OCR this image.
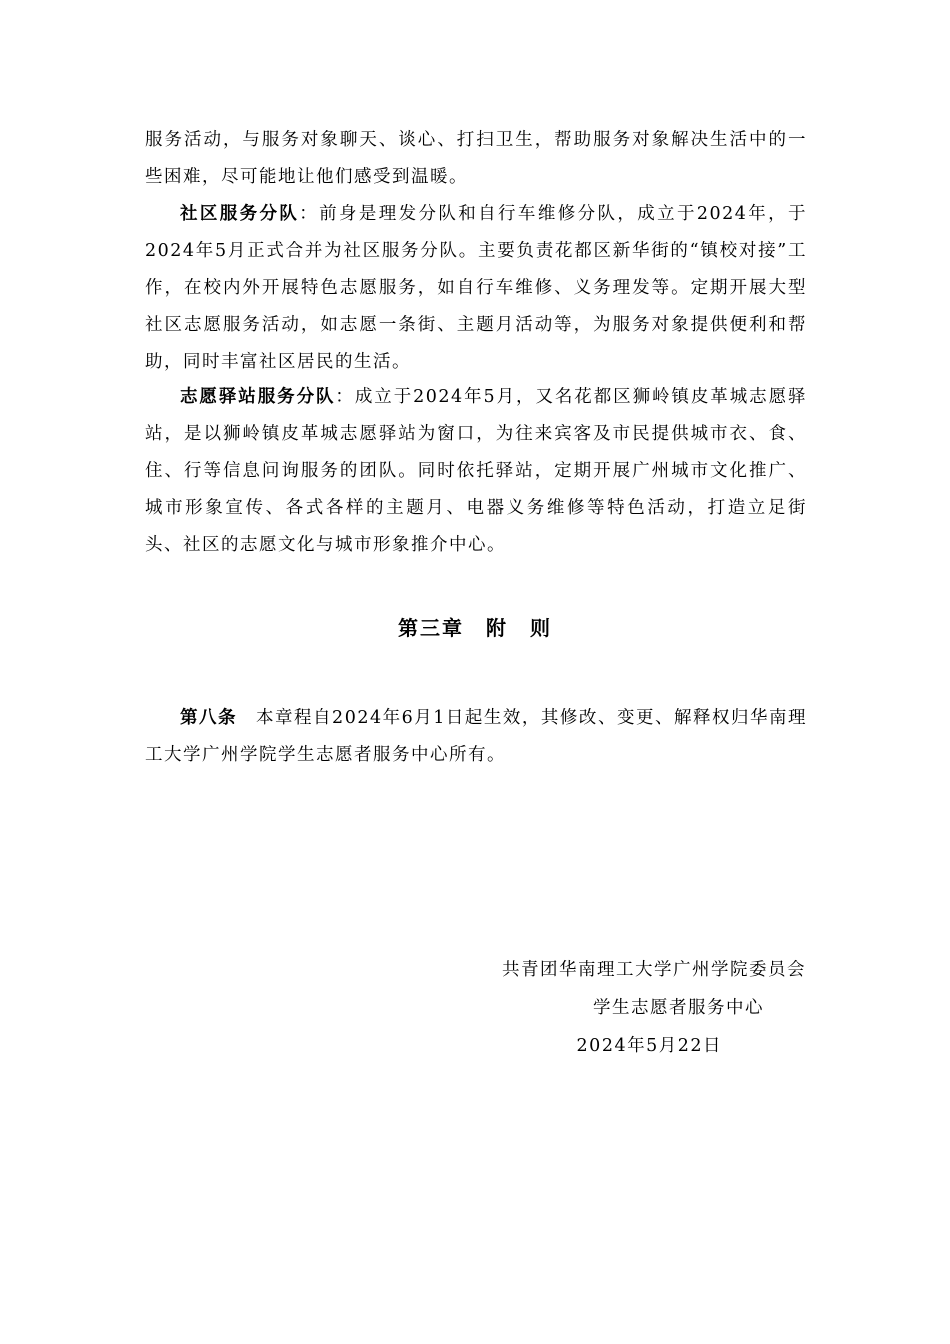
服务活动，与服务对象聊天、谈心、打扫卫生，帮助服务对象解决生活中的一些困难，尽可能地让他们感受到温暖。

社区服务分队：前身是理发分队和自行车维修分队，成立于2024年，于2024年5月正式合并为社区服务分队。主要负责花都区新华街的“镇校对接”工作，在校内外开展特色志愿服务，如自行车维修、义务理发等。定期开展大型社区志愿服务活动，如志愿一条街、主题月活动等，为服务对象提供便利和帮助，同时丰富社区居民的生活。

志愿驿站服务分队：成立于2024年5月，又名花都区狮岭镇皮革城志愿驿站，是以狮岭镇皮革城志愿驿站为窗口，为往来宾客及市民提供城市衣、食、住、行等信息问询服务的团队。同时依托驿站，定期开展广州城市文化推广、城市形象宣传、各式各样的主题月、电器义务维修等特色活动，打造立足街头、社区的志愿文化与城市形象推介中心。

第三章　附　则

第八条　本章程自2024年6月1日起生效，其修改、变更、解释权归华南理工大学广州学院学生志愿者服务中心所有。

共青团华南理工大学广州学院委员会
学生志愿者服务中心
2024年5月22日
